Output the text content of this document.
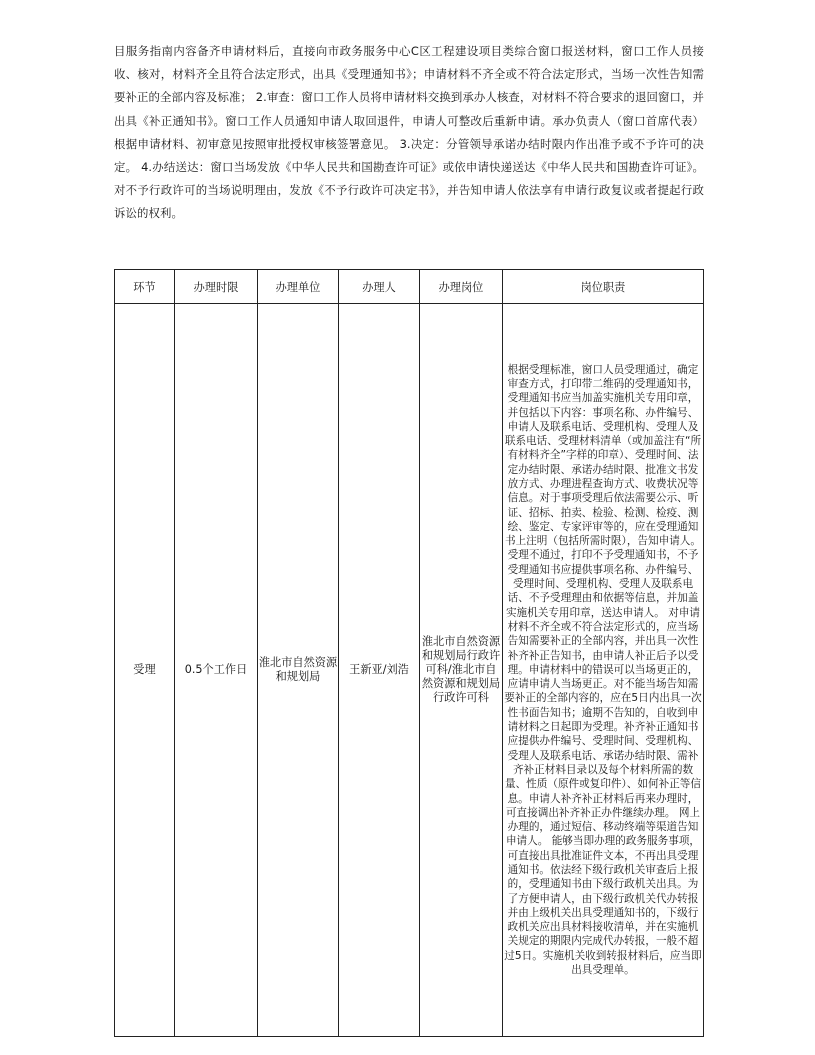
目服务指南内容备齐申请材料后，直接向市政务服务中心C区工程建设项目类综合窗口报送材料，窗口工作人员接收、核对，材料齐全且符合法定形式，出具《受理通知书》；申请材料不齐全或不符合法定形式，当场一次性告知需要补正的全部内容及标准； 2.审查：窗口工作人员将申请材料交换到承办人核查，对材料不符合要求的退回窗口，并出具《补正通知书》。窗口工作人员通知申请人取回退件，申请人可整改后重新申请。承办负责人（窗口首席代表）根据申请材料、初审意见按照审批授权审核签署意见。 3.决定：分管领导承诺办结时限内作出准予或不予许可的决定。 4.办结送达：窗口当场发放《中华人民共和国勘查许可证》或依申请快递送达《中华人民共和国勘查许可证》。对不予行政许可的当场说明理由，发放《不予行政许可决定书》，并告知申请人依法享有申请行政复议或者提起行政诉讼的权利。

环节	办理时限	办理单位	办理人	办理岗位	岗位职责
受理	0.5个工作日	淮北市自然资源和规划局	王新亚/刘浩	淮北市自然资源和规划局行政许可科/淮北市自然资源和规划局行政许可科	根据受理标准，窗口人员受理通过，确定审查方式，打印带二维码的受理通知书，受理通知书应当加盖实施机关专用印章，并包括以下内容：事项名称、办件编号、申请人及联系电话、受理机构、受理人及联系电话、受理材料清单（或加盖注有“所有材料齐全”字样的印章）、受理时间、法定办结时限、承诺办结时限、批准文书发放方式、办理进程查询方式、收费状况等信息。对于事项受理后依法需要公示、听证、招标、拍卖、检验、检测、检疫、测绘、鉴定、专家评审等的，应在受理通知书上注明（包括所需时限），告知申请人。 受理不通过，打印不予受理通知书，不予受理通知书应提供事项名称、办件编号、受理时间、受理机构、受理人及联系电话、不予受理理由和依据等信息，并加盖实施机关专用印章，送达申请人。 对申请材料不齐全或不符合法定形式的，应当场告知需要补正的全部内容，并出具一次性补齐补正告知书，由申请人补正后予以受理。申请材料中的错误可以当场更正的，应请申请人当场更正。对不能当场告知需要补正的全部内容的，应在5日内出具一次性书面告知书；逾期不告知的，自收到申请材料之日起即为受理。补齐补正通知书应提供办件编号、受理时间、受理机构、受理人及联系电话、承诺办结时限、需补齐补正材料目录以及每个材料所需的数量、性质（原件或复印件）、如何补正等信息。申请人补齐补正材料后再来办理时，可直接调出补齐补正办件继续办理。 网上办理的，通过短信、移动终端等渠道告知申请人。 能够当即办理的政务服务事项，可直接出具批准证件文本，不再出具受理通知书。依法经下级行政机关审查后上报的，受理通知书由下级行政机关出具。为了方便申请人，由下级行政机关代办转报并由上级机关出具受理通知书的，下级行政机关应出具材料接收清单，并在实施机关规定的期限内完成代办转报，一般不超过5日。实施机关收到转报材料后，应当即出具受理单。
